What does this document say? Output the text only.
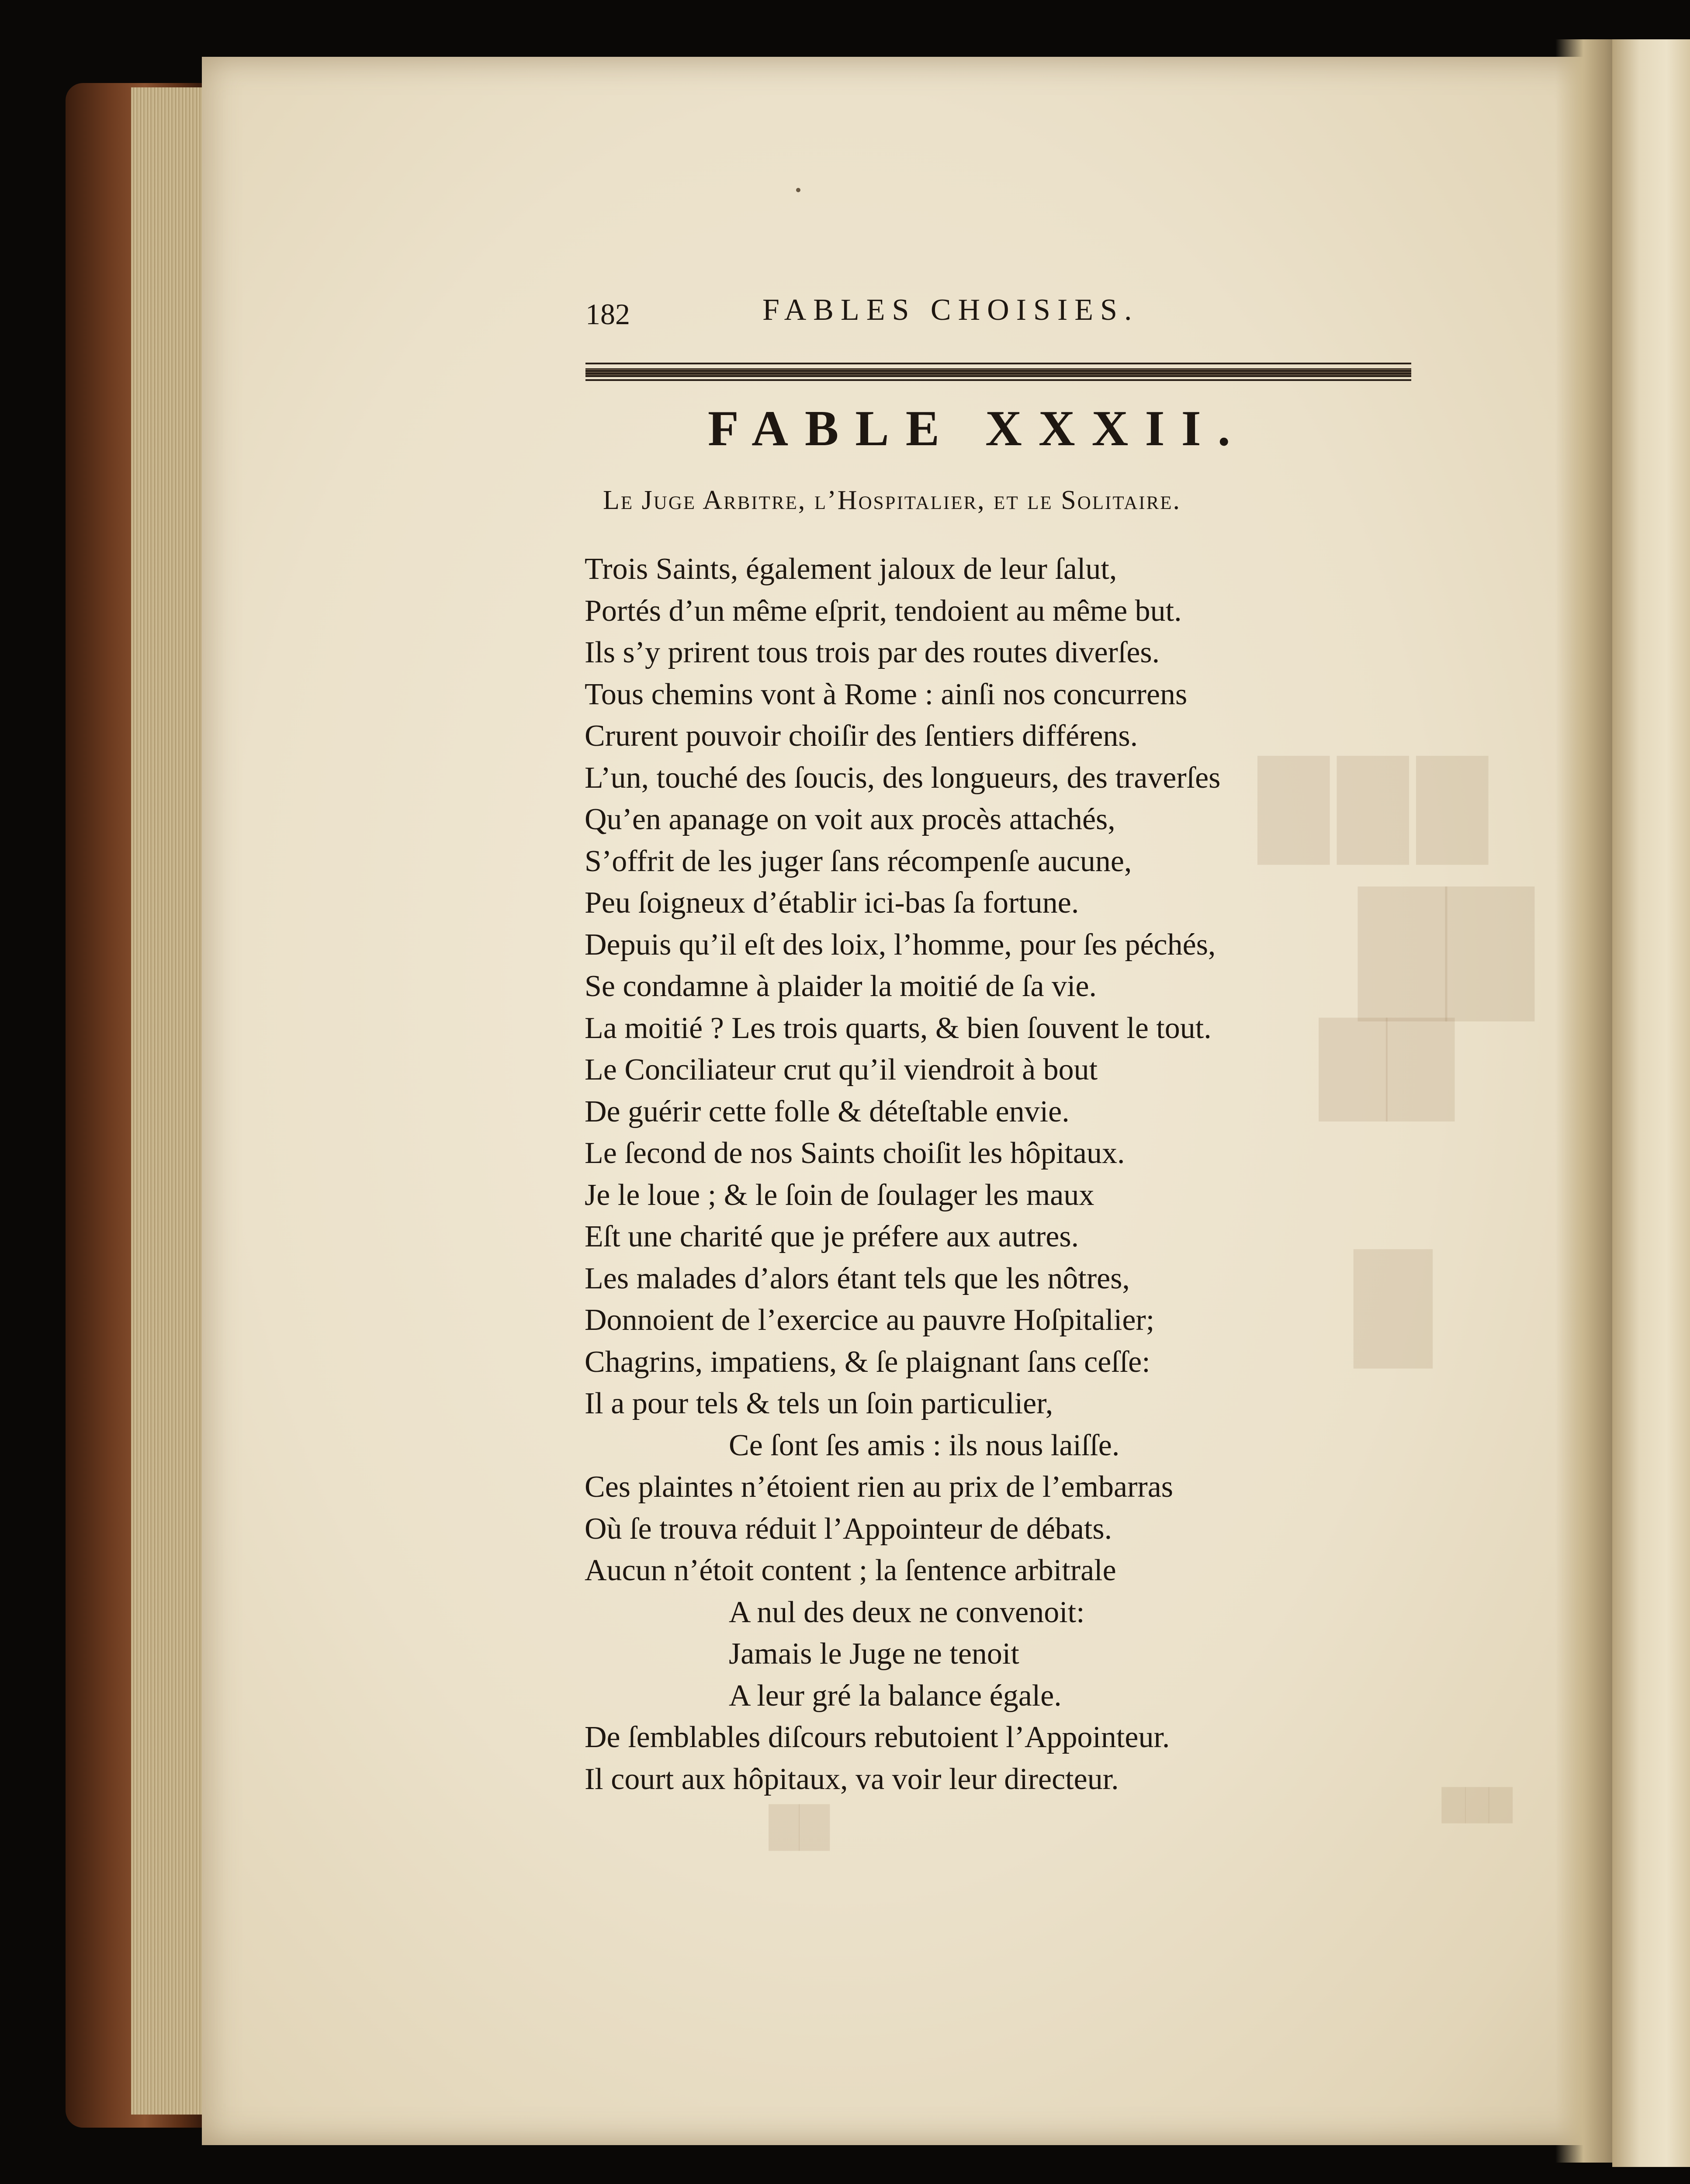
███
██
██
█
███
██
182	FABLES CHOISIES.
FABLE XXXII.
Le Juge Arbitre, l’Hospitalier, et le Solitaire.
Trois Saints, également jaloux de leur ſalut,
Portés d’un même eſprit, tendoient au même but.
Ils s’y prirent tous trois par des routes diverſes.
Tous chemins vont à Rome : ainſi nos concurrens
Crurent pouvoir choiſir des ſentiers différens.
L’un, touché des ſoucis, des longueurs, des traverſes
Qu’en apanage on voit aux procès attachés,
S’offrit de les juger ſans récompenſe aucune,
Peu ſoigneux d’établir ici-bas ſa fortune.
Depuis qu’il eſt des loix, l’homme, pour ſes péchés,
Se condamne à plaider la moitié de ſa vie.
La moitié ? Les trois quarts, & bien ſouvent le tout.
Le Conciliateur crut qu’il viendroit à bout
De guérir cette folle & déteſtable envie.
Le ſecond de nos Saints choiſit les hôpitaux.
Je le loue ; & le ſoin de ſoulager les maux
Eſt une charité que je préfere aux autres.
Les malades d’alors étant tels que les nôtres,
Donnoient de l’exercice au pauvre Hoſpitalier;
Chagrins, impatiens, & ſe plaignant ſans ceſſe:
Il a pour tels & tels un ſoin particulier,
Ce ſont ſes amis : ils nous laiſſe.
Ces plaintes n’étoient rien au prix de l’embarras
Où ſe trouva réduit l’Appointeur de débats.
Aucun n’étoit content ; la ſentence arbitrale
A nul des deux ne convenoit:
Jamais le Juge ne tenoit
A leur gré la balance égale.
De ſemblables diſcours rebutoient l’Appointeur.
Il court aux hôpitaux, va voir leur directeur.
